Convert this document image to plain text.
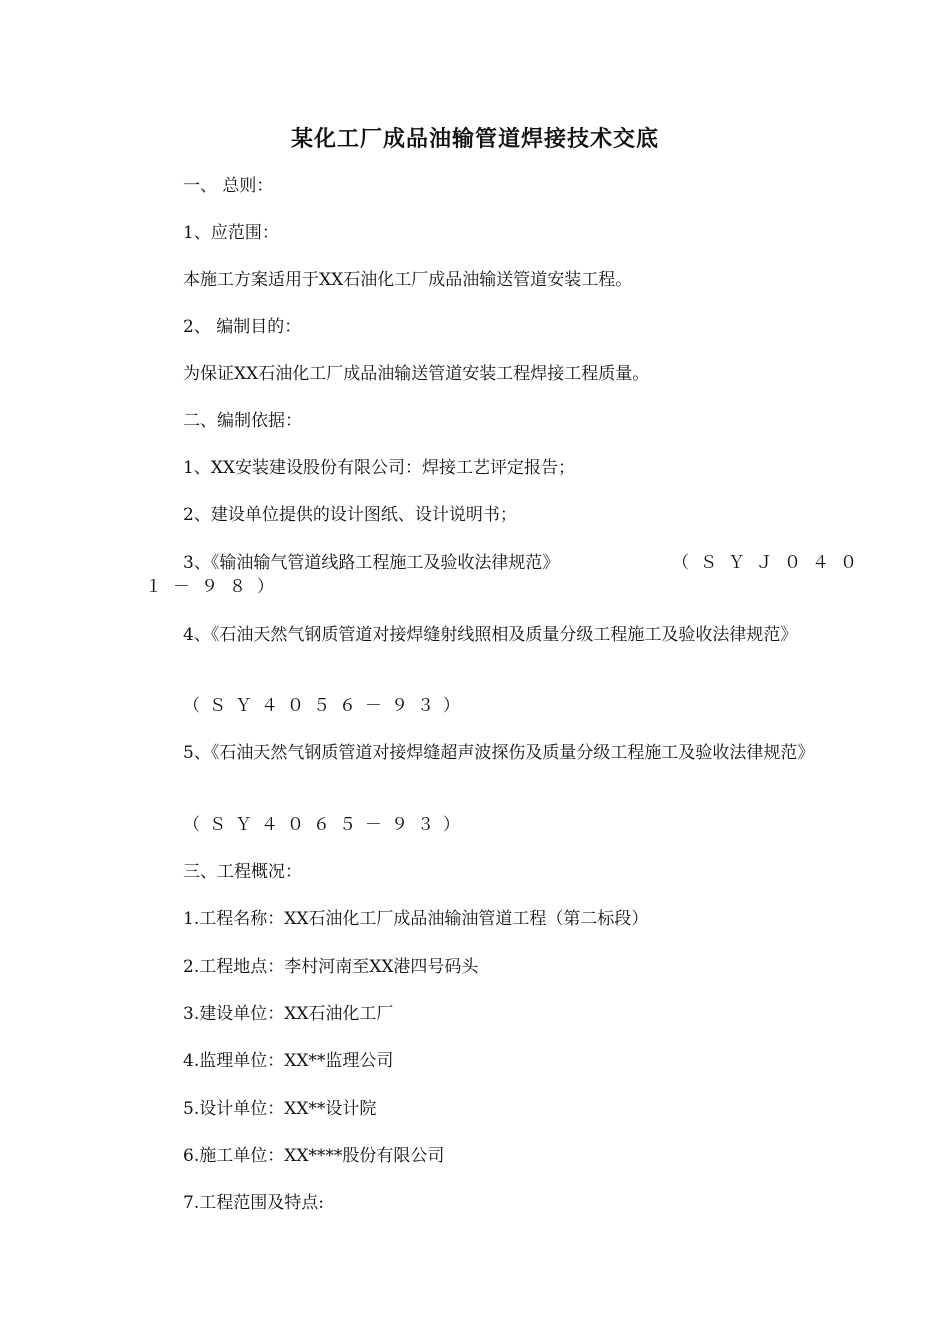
某化工厂成品油输管道焊接技术交底
一、 总则：
1、应范围：
本施工方案适用于XX石油化工厂成品油输送管道安装工程。
2、 编制目的：
为保证XX石油化工厂成品油输送管道安装工程焊接工程质量。
二、编制依据：
1、XX安装建设股份有限公司：焊接工艺评定报告；
2、建设单位提供的设计图纸、设计说明书；
3、《输油输气管道线路工程施工及验收法律规范》	（ＳＹＪ０４０
１－９８）
4、《石油天然气钢质管道对接焊缝射线照相及质量分级工程施工及验收法律规范》
（ＳＹ４０５６－９３）
5、《石油天然气钢质管道对接焊缝超声波探伤及质量分级工程施工及验收法律规范》
（ＳＹ４０６５－９３）
三、工程概况：
1.工程名称：XX石油化工厂成品油输油管道工程（第二标段）
2.工程地点：李村河南至XX港四号码头
3.建设单位：XX石油化工厂
4.监理单位：XX**监理公司
5.设计单位：XX**设计院
6.施工单位：XX****股份有限公司
7.工程范围及特点:
